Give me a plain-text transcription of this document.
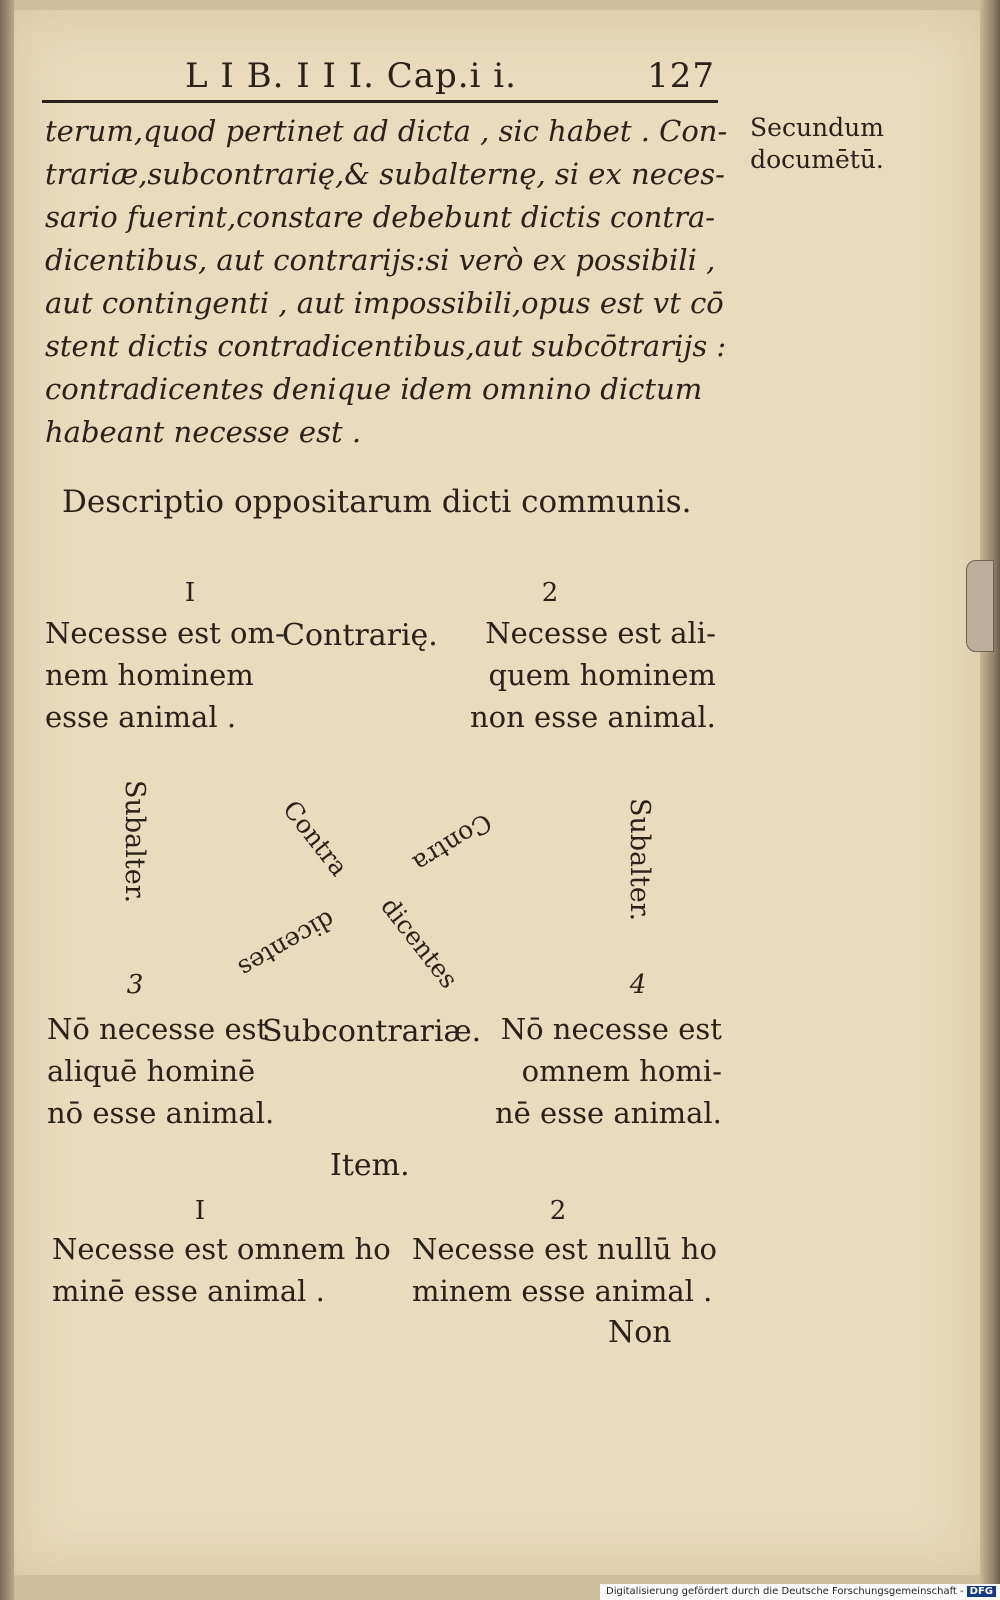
L I B. I I I. Cap.i i.	127
terum,quod pertinet ad dicta , sic habet . Con-
trariæ,subcontrarię,& subalternę, si ex neces-
sario fuerint,constare debebunt dictis contra-
dicentibus, aut contrarijs:si verò ex possibili ,
aut contingenti , aut impossibili,opus est vt cō
stent dictis contradicentibus,aut subcōtrarijs :
contradicentes denique idem omnino dictum
habeant necesse est .
Secundum
documētū.
Descriptio oppositarum dicti communis.
I	2
Necesse est om-
nem hominem
esse animal .
Contrarię.	Necesse est ali-
quem hominem
non esse animal.
Subalter.	Subalter.
Contra
dicentes
Contra
dicentes
3	4
Nō necesse est
aliquē hominē
nō esse animal.
Subcontrariæ. Nō necesse est
omnem homi-
nē esse animal.
Item.
I	2
Necesse est omnem ho
minē esse animal .
Necesse est nullū ho
minem esse animal .
Non
Digitalisierung gefördert durch die Deutsche Forschungsgemeinschaft - DFG
